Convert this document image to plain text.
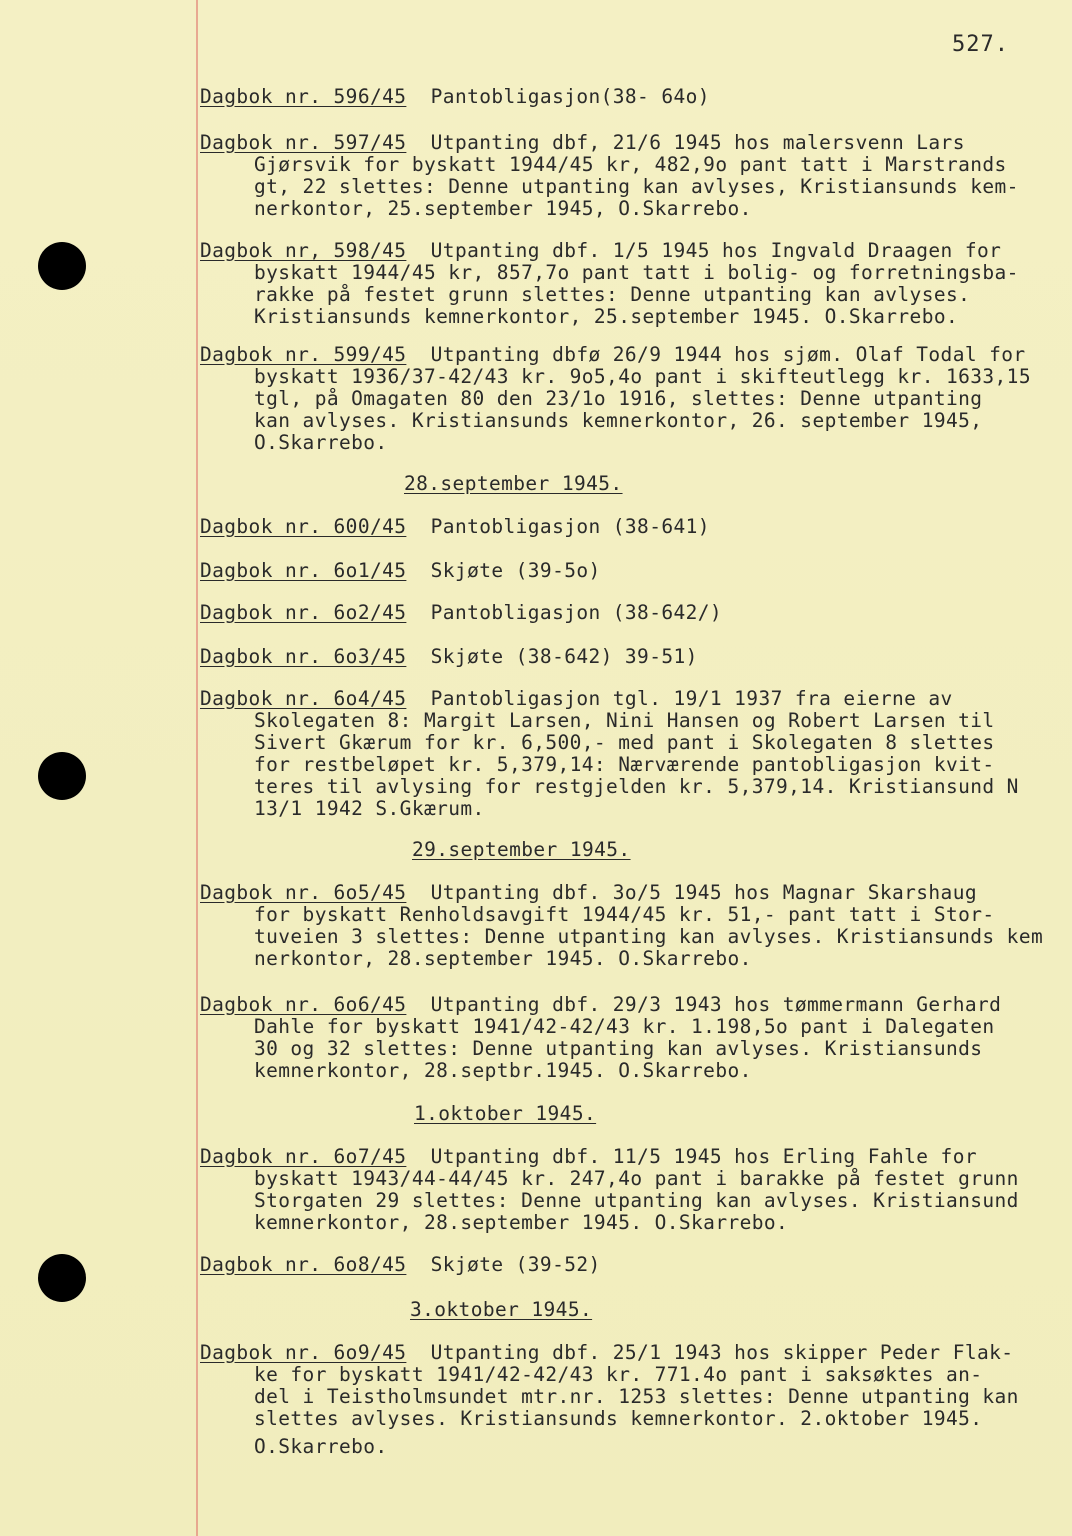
527.
Dagbok nr. 596/45 Pantobligasjon(38- 64o)
Dagbok nr. 597/45 Utpanting dbf, 21/6 1945 hos malersvenn Lars
Gjørsvik for byskatt 1944/45 kr, 482,9o pant tatt i Marstrands
gt, 22 slettes: Denne utpanting kan avlyses, Kristiansunds kem-
nerkontor, 25.september 1945, O.Skarrebo.
Dagbok nr, 598/45 Utpanting dbf. 1/5 1945 hos Ingvald Draagen for
byskatt 1944/45 kr, 857,7o pant tatt i bolig- og forretningsba-
rakke på festet grunn slettes: Denne utpanting kan avlyses.
Kristiansunds kemnerkontor, 25.september 1945. O.Skarrebo.
Dagbok nr. 599/45 Utpanting dbfø 26/9 1944 hos sjøm. Olaf Todal for
byskatt 1936/37-42/43 kr. 9o5,4o pant i skifteutlegg kr. 1633,15
tgl, på Omagaten 80 den 23/1o 1916, slettes: Denne utpanting
kan avlyses. Kristiansunds kemnerkontor, 26. september 1945,
O.Skarrebo.
28.september 1945.
Dagbok nr. 600/45 Pantobligasjon (38-641)
Dagbok nr. 6o1/45 Skjøte (39-5o)
Dagbok nr. 6o2/45 Pantobligasjon (38-642/)
Dagbok nr. 6o3/45 Skjøte (38-642) 39-51)
Dagbok nr. 6o4/45 Pantobligasjon tgl. 19/1 1937 fra eierne av
Skolegaten 8: Margit Larsen, Nini Hansen og Robert Larsen til
Sivert Gkærum for kr. 6,500,- med pant i Skolegaten 8 slettes
for restbeløpet kr. 5,379,14: Nærværende pantobligasjon kvit-
teres til avlysing for restgjelden kr. 5,379,14. Kristiansund N
13/1 1942 S.Gkærum.
29.september 1945.
Dagbok nr. 6o5/45 Utpanting dbf. 3o/5 1945 hos Magnar Skarshaug
for byskatt Renholdsavgift 1944/45 kr. 51,- pant tatt i Stor-
tuveien 3 slettes: Denne utpanting kan avlyses. Kristiansunds kem
nerkontor, 28.september 1945. O.Skarrebo.
Dagbok nr. 6o6/45 Utpanting dbf. 29/3 1943 hos tømmermann Gerhard
Dahle for byskatt 1941/42-42/43 kr. 1.198,5o pant i Dalegaten
30 og 32 slettes: Denne utpanting kan avlyses. Kristiansunds
kemnerkontor, 28.septbr.1945. O.Skarrebo.
1.oktober 1945.
Dagbok nr. 6o7/45 Utpanting dbf. 11/5 1945 hos Erling Fahle for
byskatt 1943/44-44/45 kr. 247,4o pant i barakke på festet grunn
Storgaten 29 slettes: Denne utpanting kan avlyses. Kristiansund
kemnerkontor, 28.september 1945. O.Skarrebo.
Dagbok nr. 6o8/45 Skjøte (39-52)
3.oktober 1945.
Dagbok nr. 6o9/45 Utpanting dbf. 25/1 1943 hos skipper Peder Flak-
ke for byskatt 1941/42-42/43 kr. 771.4o pant i saksøktes an-
del i Teistholmsundet mtr.nr. 1253 slettes: Denne utpanting kan
slettes avlyses. Kristiansunds kemnerkontor. 2.oktober 1945.
O.Skarrebo.
